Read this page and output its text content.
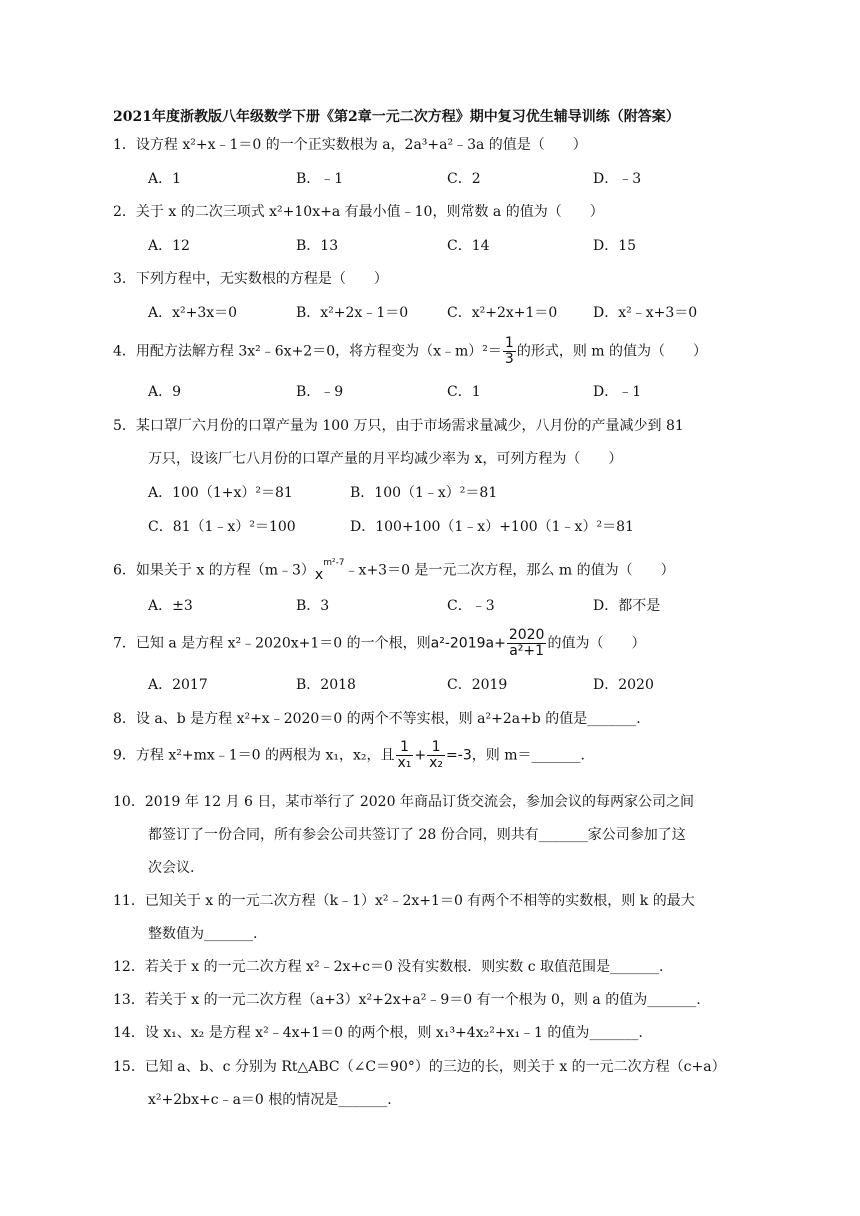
2021年度浙教版八年级数学下册《第2章一元二次方程》期中复习优生辅导训练（附答案）
1．设方程 x²+x﹣1＝0 的一个正实数根为 a，2a³+a²﹣3a 的值是（　　）
A．1	B．﹣1	C．2	D．﹣3
2．关于 x 的二次三项式 x²+10x+a 有最小值﹣10，则常数 a 的值为（　　）
A．12	B．13	C．14	D．15
3．下列方程中，无实数根的方程是（　　）
A．x²+3x＝0	B．x²+2x﹣1＝0	C．x²+2x+1＝0	D．x²﹣x+3＝0
4．用配方法解方程 3x²﹣6x+2＝0，将方程变为（x﹣m）²＝ $\frac{1}{3}$ 的形式，则 m 的值为（　　）
A．9	B．﹣9	C．1	D．﹣1
5．某口罩厂六月份的口罩产量为 100 万只，由于市场需求量减少，八月份的产量减少到 81
万只，设该厂七八月份的口罩产量的月平均减少率为 x，可列方程为（　　）
A．100（1+x）²＝81	B．100（1﹣x）²＝81
C．81（1﹣x）²＝100	D．100+100（1﹣x）+100（1﹣x）²＝81
6．如果关于 x 的方程$(m﹣3)x^{m^2-7}﹣x+3=0$ 是一元二次方程，那么 m 的值为（　　）
A．±3	B．3	C．﹣3	D．都不是
7．已知 a 是方程 x²﹣2020x+1＝0 的一个根，则$a^2-2019a+ \frac{2020}{\text{a²+1}}$ 的值为（　　）
A．2017	B．2018	C．2019	D．2020
8．设 a、b 是方程 x²+x﹣2020＝0 的两个不等实根，则 a²+2a+b 的值是_______.
9．方程 x²+mx﹣1＝0 的两根为 x₁，x₂，且 $\frac{1}{\text{x₁}} + \frac{1}{\text{x₂}} =-3$，则 m＝_______.
10．2019 年 12 月 6 日，某市举行了 2020 年商品订货交流会，参加会议的每两家公司之间
都签订了一份合同，所有参会公司共签订了 28 份合同，则共有_______家公司参加了这
次会议.
11．已知关于 x 的一元二次方程（k﹣1）x²﹣2x+1＝0 有两个不相等的实数根，则 k 的最大
整数值为_______.
12．若关于 x 的一元二次方程 x²﹣2x+c＝0 没有实数根．则实数 c 取值范围是_______.
13．若关于 x 的一元二次方程（a+3）x²+2x+a²﹣9＝0 有一个根为 0，则 a 的值为_______.
14．设 x₁、x₂ 是方程 x²﹣4x+1＝0 的两个根，则 x₁³+4x₂²+x₁﹣1 的值为_______.
15．已知 a、b、c 分别为 Rt△ABC（∠C＝90°）的三边的长，则关于 x 的一元二次方程（c+a）
x²+2bx+c﹣a＝0 根的情况是_______.
